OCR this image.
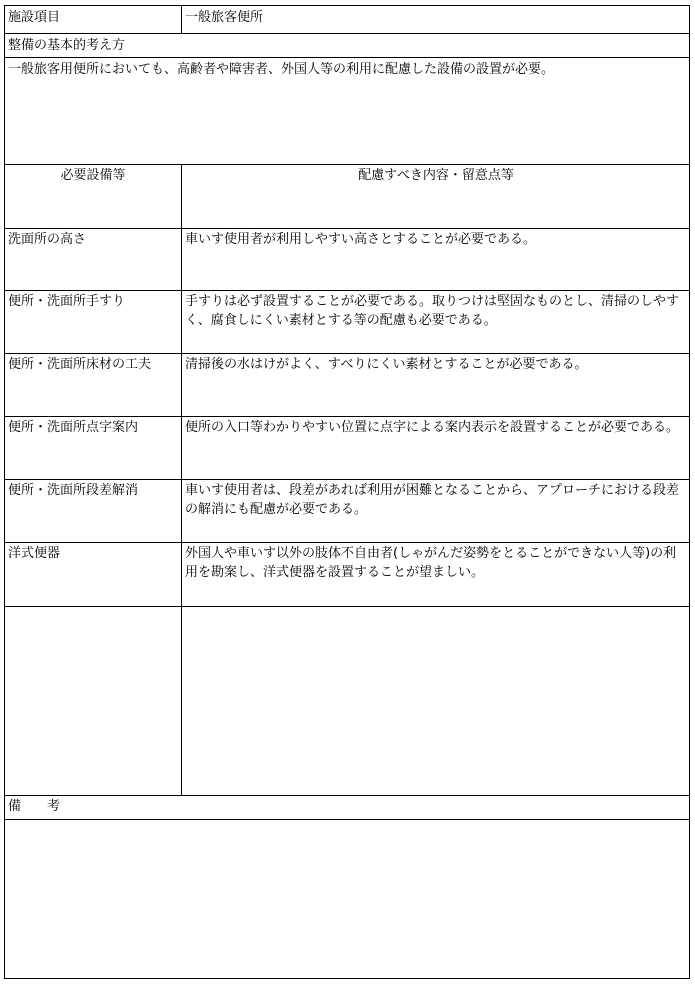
施設項目	一般旅客便所
整備の基本的考え方
一般旅客用便所においても、高齢者や障害者、外国人等の利用に配慮した設備の設置が必要。
必要設備等	配慮すべき内容・留意点等
洗面所の高さ	車いす使用者が利用しやすい高さとすることが必要である。
便所・洗面所手すり	手すりは必ず設置することが必要である。取りつけは堅固なものとし、清掃のしやすく、腐食しにくい素材とする等の配慮も必要である。
便所・洗面所床材の工夫	清掃後の水はけがよく、すべりにくい素材とすることが必要である。
便所・洗面所点字案内	便所の入口等わかりやすい位置に点字による案内表示を設置することが必要である。
便所・洗面所段差解消	車いす使用者は、段差があれば利用が困難となることから、アプローチにおける段差の解消にも配慮が必要である。
洋式便器	外国人や車いす以外の肢体不自由者(しゃがんだ姿勢をとることができない人等)の利用を勘案し、洋式便器を設置することが望ましい。
備　　考
